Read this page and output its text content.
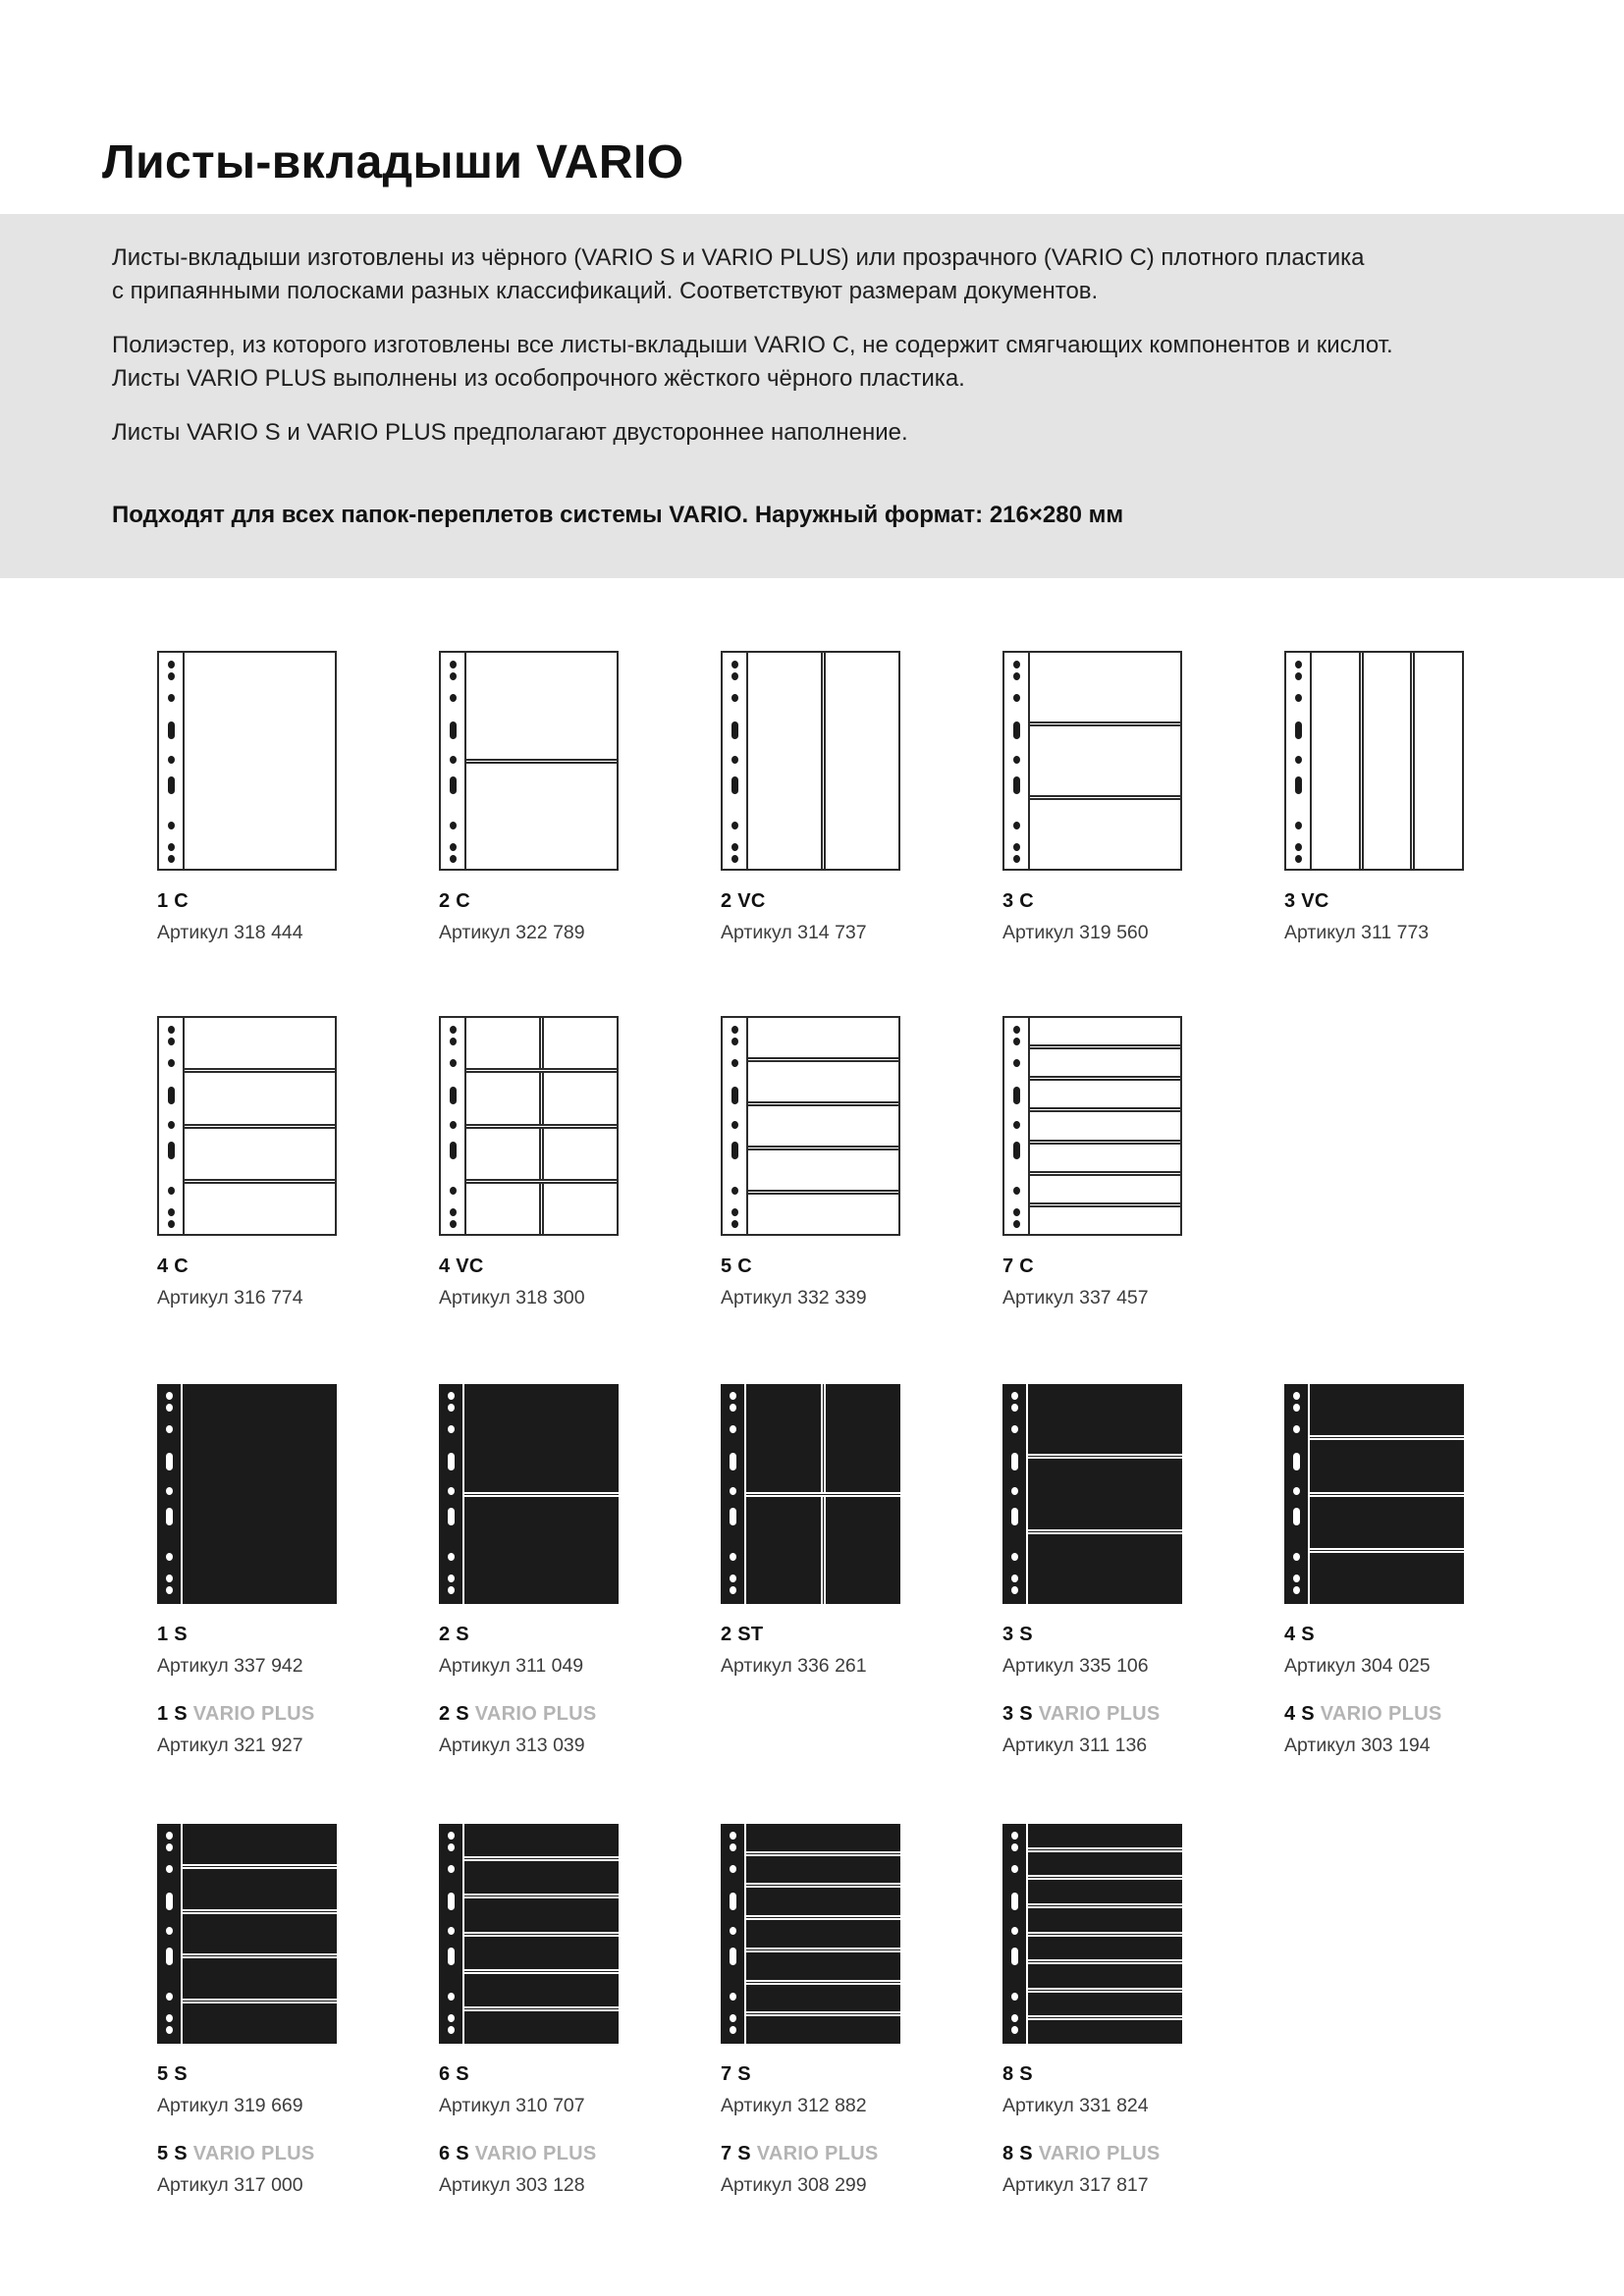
Листы-вкладыши VARIO

Листы-вкладыши изготовлены из чёрного (VARIO S и VARIO PLUS) или прозрачного (VARIO C) плотного пластика
с припаянными полосками разных классификаций. Соответствуют размерам документов.

Полиэстер, из которого изготовлены все листы-вкладыши VARIO C, не содержит смягчающих компонентов и кислот.
Листы VARIO PLUS выполнены из особопрочного жёсткого чёрного пластика.

Листы VARIO S и VARIO PLUS предполагают двустороннее наполнение.

Подходят для всех папок-переплетов системы VARIO. Наружный формат: 216×280 мм
1 C
Артикул 318 444
2 C
Артикул 322 789
2 VC
Артикул 314 737
3 C
Артикул 319 560
3 VC
Артикул 311 773
4 C
Артикул 316 774
4 VC
Артикул 318 300
5 C
Артикул 332 339
7 C
Артикул 337 457
1 S
Артикул 337 942
1 S VARIO PLUS
Артикул 321 927
2 S
Артикул 311 049
2 S VARIO PLUS
Артикул 313 039
2 ST
Артикул 336 261
3 S
Артикул 335 106
3 S VARIO PLUS
Артикул 311 136
4 S
Артикул 304 025
4 S VARIO PLUS
Артикул 303 194
5 S
Артикул 319 669
5 S VARIO PLUS
Артикул 317 000
6 S
Артикул 310 707
6 S VARIO PLUS
Артикул 303 128
7 S
Артикул 312 882
7 S VARIO PLUS
Артикул 308 299
8 S
Артикул 331 824
8 S VARIO PLUS
Артикул 317 817
